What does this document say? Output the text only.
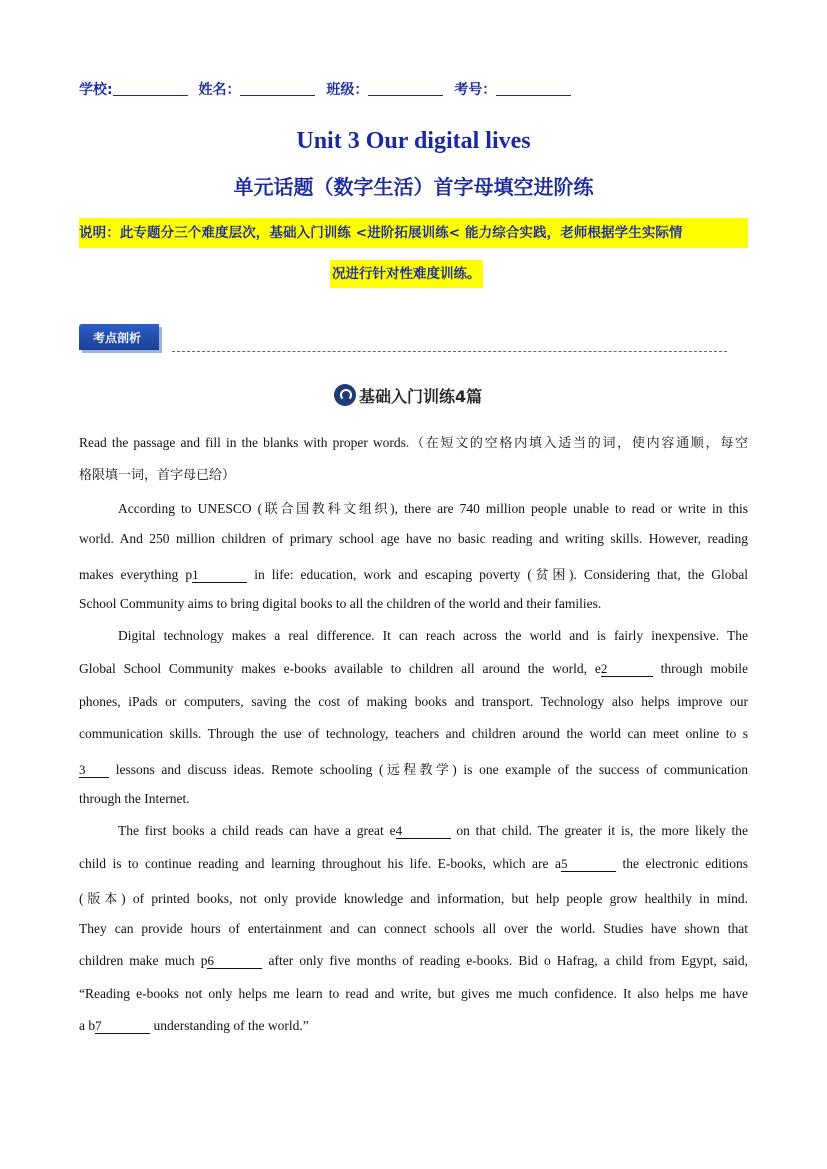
学校:	姓名：	班级：	考号：
Unit 3 Our digital lives
单元话题（数字生活）首字母填空进阶练
说明：此专题分三个难度层次，基础入门训练 <进阶拓展训练< 能力综合实践，老师根据学生实际情
况进行针对性难度训练。
考点剖析
基础入门训练4篇
Read the passage and fill in the blanks with proper words.（在短文的空格内填入适当的词，使内容通顺，每空
格限填一词，首字母已给）
According to UNESCO (联合国教科文组织), there are 740 million people unable to read or write in this
world. And 250 million children of primary school age have no basic reading and writing skills. However, reading
makes everything p1	in life: education, work and escaping poverty (贫困). Considering that, the Global
School Community aims to bring digital books to all the children of the world and their families.
Digital technology makes a real difference. It can reach across the world and is fairly inexpensive. The
Global School Community makes e-books available to children all around the world, e2	through mobile
phones, iPads or computers, saving the cost of making books and transport. Technology also helps improve our
communication skills. Through the use of technology, teachers and children around the world can meet online to s
3 lessons and discuss ideas. Remote schooling (远程教学) is one example of the success of communication
through the Internet.
The first books a child reads can have a great e4	on that child. The greater it is, the more likely the
child is to continue reading and learning throughout his life. E-books, which are a5	the electronic editions
(版本) of printed books, not only provide knowledge and information, but help people grow healthily in mind.
They can provide hours of entertainment and can connect schools all over the world. Studies have shown that
children make much p6	after only five months of reading e-books. Bid o Hafrag, a child from Egypt, said,
“Reading e-books not only helps me learn to read and write, but gives me much confidence. It also helps me have
a b7	understanding of the world.”
